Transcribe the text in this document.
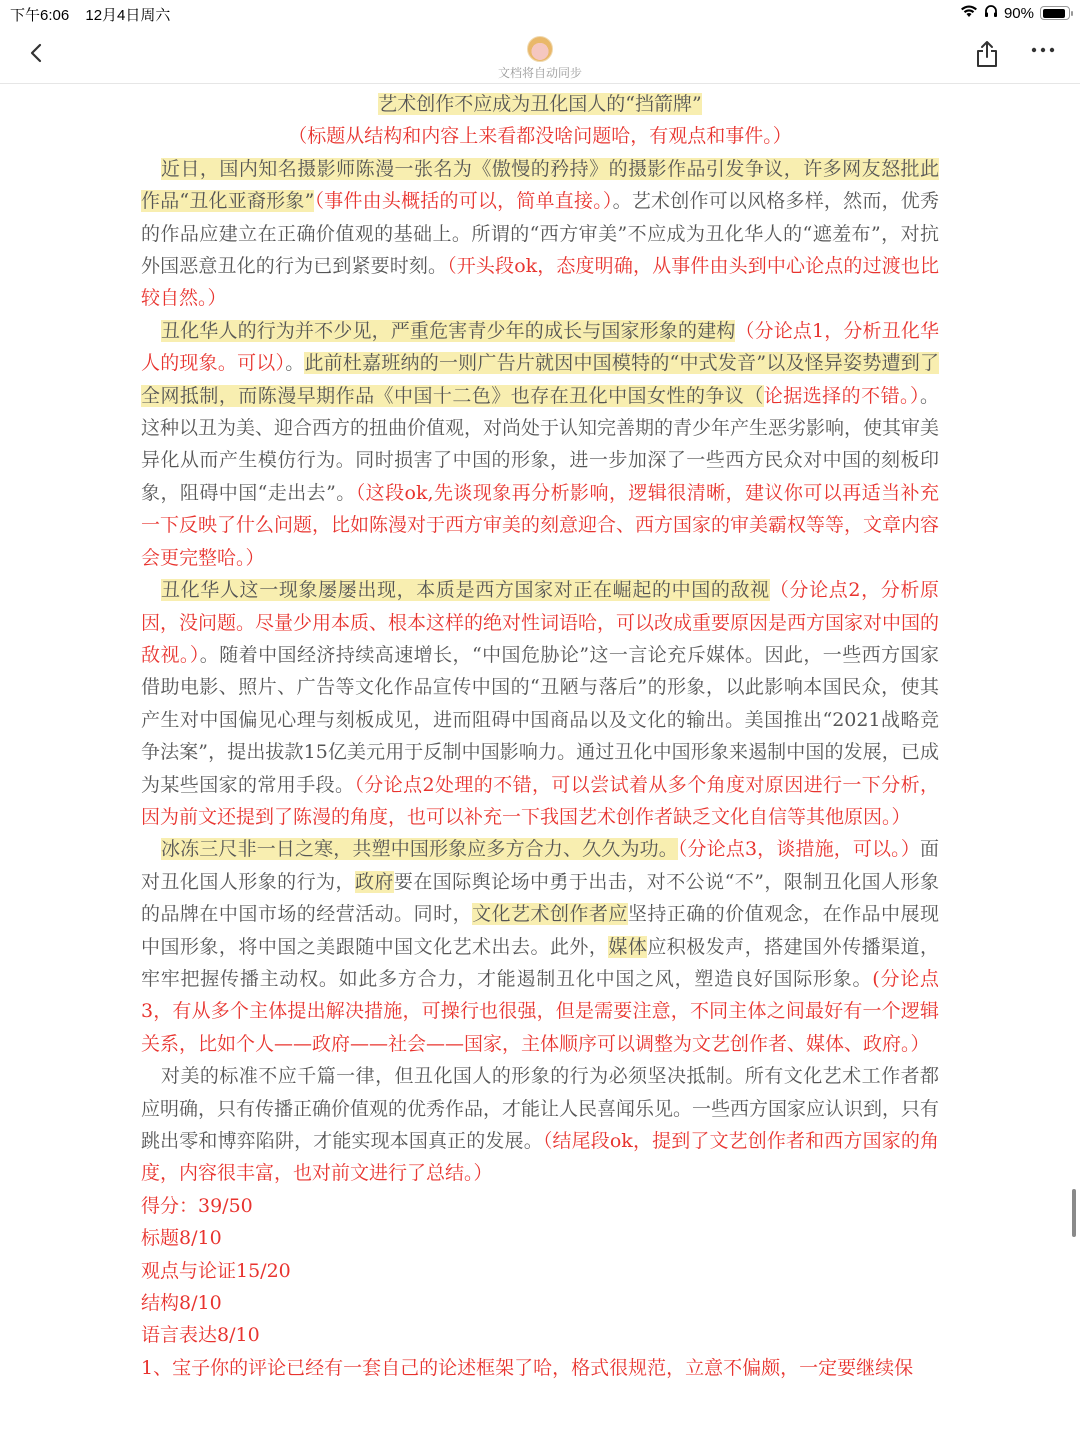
下午6:06 12月4日周六	90%
文档将自动同步

艺术创作不应成为丑化国人的“挡箭牌”

（标题从结构和内容上来看都没啥问题哈，有观点和事件。）

近日，国内知名摄影师陈漫一张名为《傲慢的矜持》的摄影作品引发争议，许多网友怒批此作品“丑化亚裔形象”（事件由头概括的可以，简单直接。）。艺术创作可以风格多样，然而，优秀的作品应建立在正确价值观的基础上。所谓的“西方审美”不应成为丑化华人的“遮羞布”，对抗外国恶意丑化的行为已到紧要时刻。（开头段ok，态度明确，从事件由头到中心论点的过渡也比较自然。）

丑化华人的行为并不少见，严重危害青少年的成长与国家形象的建构（分论点1，分析丑化华人的现象。可以）。此前杜嘉班纳的一则广告片就因中国模特的“中式发音”以及怪异姿势遭到了全网抵制，而陈漫早期作品《中国十二色》也存在丑化中国女性的争议（论据选择的不错。）。这种以丑为美、迎合西方的扭曲价值观，对尚处于认知完善期的青少年产生恶劣影响，使其审美异化从而产生模仿行为。同时损害了中国的形象，进一步加深了一些西方民众对中国的刻板印象，阻碍中国“走出去”。（这段ok,先谈现象再分析影响，逻辑很清晰，建议你可以再适当补充一下反映了什么问题，比如陈漫对于西方审美的刻意迎合、西方国家的审美霸权等等，文章内容会更完整哈。）

丑化华人这一现象屡屡出现，本质是西方国家对正在崛起的中国的敌视（分论点2，分析原因，没问题。尽量少用本质、根本这样的绝对性词语哈，可以改成重要原因是西方国家对中国的敌视。）。随着中国经济持续高速增长，“中国危胁论”这一言论充斥媒体。因此，一些西方国家借助电影、照片、广告等文化作品宣传中国的“丑陋与落后”的形象，以此影响本国民众，使其产生对中国偏见心理与刻板成见，进而阻碍中国商品以及文化的输出。美国推出“2021战略竞争法案”，提出拔款15亿美元用于反制中国影响力。通过丑化中国形象来遏制中国的发展，已成为某些国家的常用手段。（分论点2处理的不错，可以尝试着从多个角度对原因进行一下分析，因为前文还提到了陈漫的角度，也可以补充一下我国艺术创作者缺乏文化自信等其他原因。）

冰冻三尺非一日之寒，共塑中国形象应多方合力、久久为功。（分论点3，谈措施，可以。）面对丑化国人形象的行为，政府要在国际舆论场中勇于出击，对不公说“不”，限制丑化国人形象的品牌在中国市场的经营活动。同时，文化艺术创作者应坚持正确的价值观念，在作品中展现中国形象，将中国之美跟随中国文化艺术出去。此外，媒体应积极发声，搭建国外传播渠道，牢牢把握传播主动权。如此多方合力，才能遏制丑化中国之风，塑造良好国际形象。(分论点3，有从多个主体提出解决措施，可操行也很强，但是需要注意，不同主体之间最好有一个逻辑关系，比如个人——政府——社会——国家，主体顺序可以调整为文艺创作者、媒体、政府。）

对美的标准不应千篇一律，但丑化国人的形象的行为必须坚决抵制。所有文化艺术工作者都应明确，只有传播正确价值观的优秀作品，才能让人民喜闻乐见。一些西方国家应认识到，只有跳出零和博弈陷阱，才能实现本国真正的发展。（结尾段ok，提到了文艺创作者和西方国家的角度，内容很丰富，也对前文进行了总结。）

得分：39/50

标题8/10

观点与论证15/20

结构8/10

语言表达8/10

1、宝子你的评论已经有一套自己的论述框架了哈，格式很规范，立意不偏颇，一定要继续保
